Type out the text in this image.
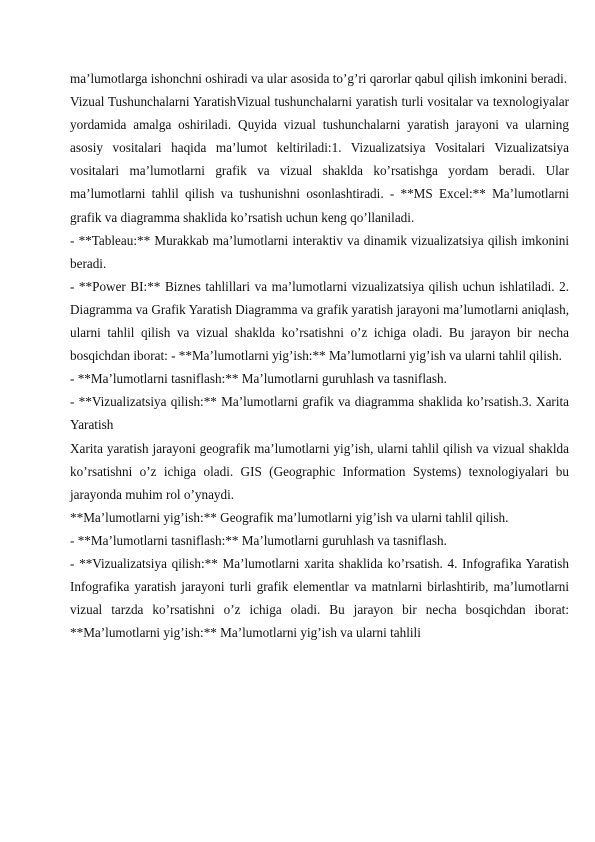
ma’lumotlarga ishonchni oshiradi va ular asosida to’g’ri qarorlar qabul qilish imkonini beradi.

Vizual Tushunchalarni YaratishVizual tushunchalarni yaratish turli vositalar va texnologiyalar yordamida amalga oshiriladi. Quyida vizual tushunchalarni yaratish jarayoni va ularning asosiy vositalari haqida ma’lumot keltiriladi:1. Vizualizatsiya Vositalari Vizualizatsiya vositalari ma’lumotlarni grafik va vizual shaklda ko’rsatishga yordam beradi. Ular ma’lumotlarni tahlil qilish va tushunishni osonlashtiradi. - **MS Excel:** Ma’lumotlarni grafik va diagramma shaklida ko’rsatish uchun keng qo’llaniladi.

- **Tableau:** Murakkab ma’lumotlarni interaktiv va dinamik vizualizatsiya qilish imkonini beradi.

- **Power BI:** Biznes tahlillari va ma’lumotlarni vizualizatsiya qilish uchun ishlatiladi. 2. Diagramma va Grafik Yaratish Diagramma va grafik yaratish jarayoni ma’lumotlarni aniqlash, ularni tahlil qilish va vizual shaklda ko’rsatishni o’z ichiga oladi. Bu jarayon bir necha bosqichdan iborat: - **Ma’lumotlarni yig’ish:** Ma’lumotlarni yig’ish va ularni tahlil qilish.

- **Ma’lumotlarni tasniflash:** Ma’lumotlarni guruhlash va tasniflash.

- **Vizualizatsiya qilish:** Ma’lumotlarni grafik va diagramma shaklida ko’rsatish.3. Xarita Yaratish

Xarita yaratish jarayoni geografik ma’lumotlarni yig’ish, ularni tahlil qilish va vizual shaklda ko’rsatishni o’z ichiga oladi. GIS (Geographic Information Systems) texnologiyalari bu jarayonda muhim rol o’ynaydi.

**Ma’lumotlarni yig’ish:** Geografik ma’lumotlarni yig’ish va ularni tahlil qilish.

- **Ma’lumotlarni tasniflash:** Ma’lumotlarni guruhlash va tasniflash.

- **Vizualizatsiya qilish:** Ma’lumotlarni xarita shaklida ko’rsatish. 4. Infografika Yaratish Infografika yaratish jarayoni turli grafik elementlar va matnlarni birlashtirib, ma’lumotlarni vizual tarzda ko’rsatishni o’z ichiga oladi. Bu jarayon bir necha bosqichdan iborat: **Ma’lumotlarni yig’ish:** Ma’lumotlarni yig’ish va ularni tahlili
